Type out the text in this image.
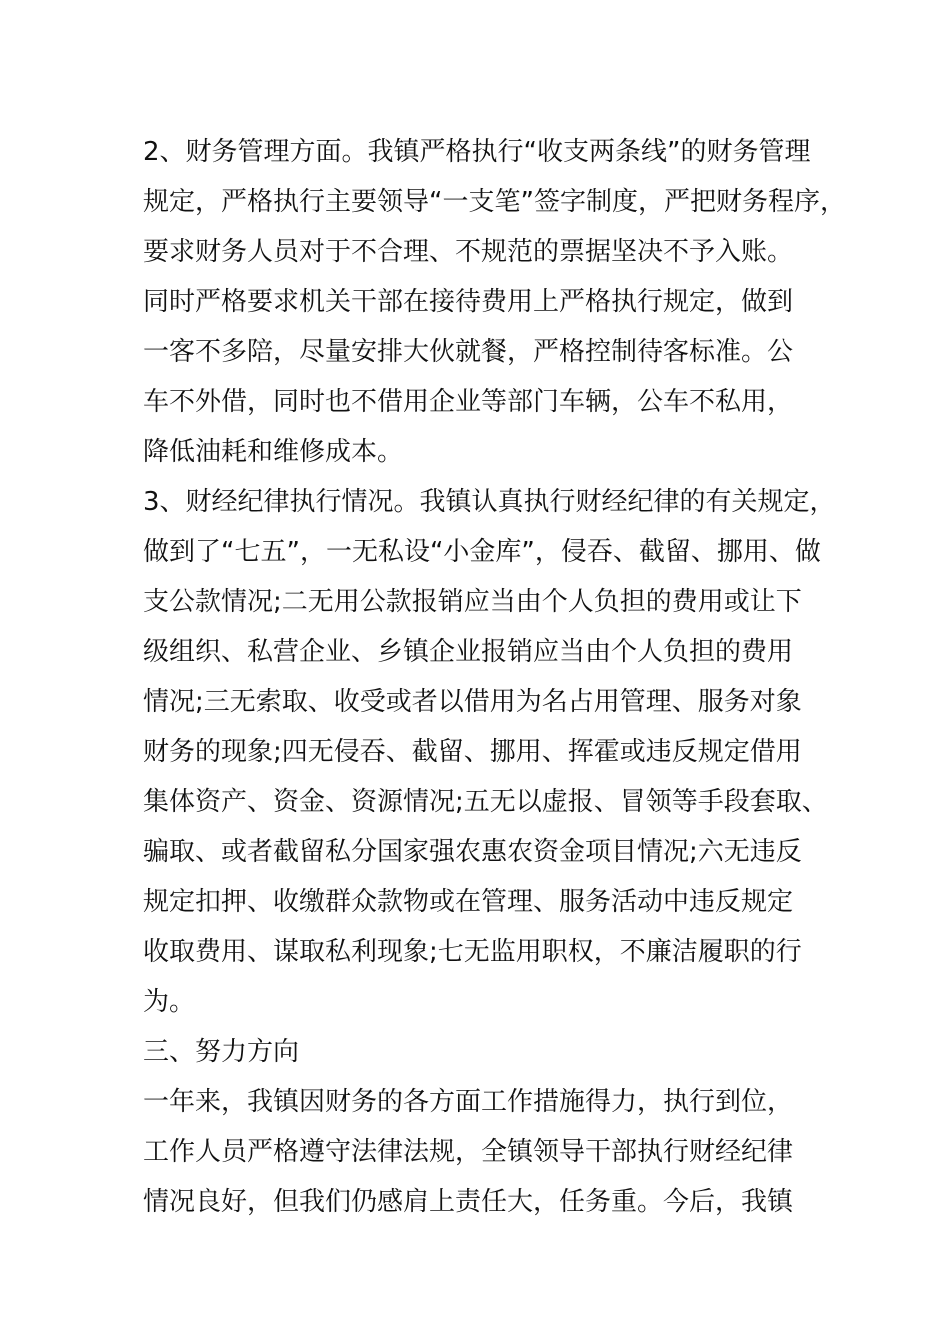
2、财务管理方面。我镇严格执行“收支两条线”的财务管理
规定，严格执行主要领导“一支笔”签字制度，严把财务程序，
要求财务人员对于不合理、不规范的票据坚决不予入账。
同时严格要求机关干部在接待费用上严格执行规定，做到
一客不多陪，尽量安排大伙就餐，严格控制待客标准。公
车不外借，同时也不借用企业等部门车辆，公车不私用，
降低油耗和维修成本。
3、财经纪律执行情况。我镇认真执行财经纪律的有关规定，
做到了“七五”，一无私设“小金库”，侵吞、截留、挪用、做
支公款情况;二无用公款报销应当由个人负担的费用或让下
级组织、私营企业、乡镇企业报销应当由个人负担的费用
情况;三无索取、收受或者以借用为名占用管理、服务对象
财务的现象;四无侵吞、截留、挪用、挥霍或违反规定借用
集体资产、资金、资源情况;五无以虚报、冒领等手段套取、
骗取、或者截留私分国家强农惠农资金项目情况;六无违反
规定扣押、收缴群众款物或在管理、服务活动中违反规定
收取费用、谋取私利现象;七无监用职权，不廉洁履职的行
为。
三、努力方向
一年来，我镇因财务的各方面工作措施得力，执行到位，
工作人员严格遵守法律法规，全镇领导干部执行财经纪律
情况良好，但我们仍感肩上责任大，任务重。今后，我镇
